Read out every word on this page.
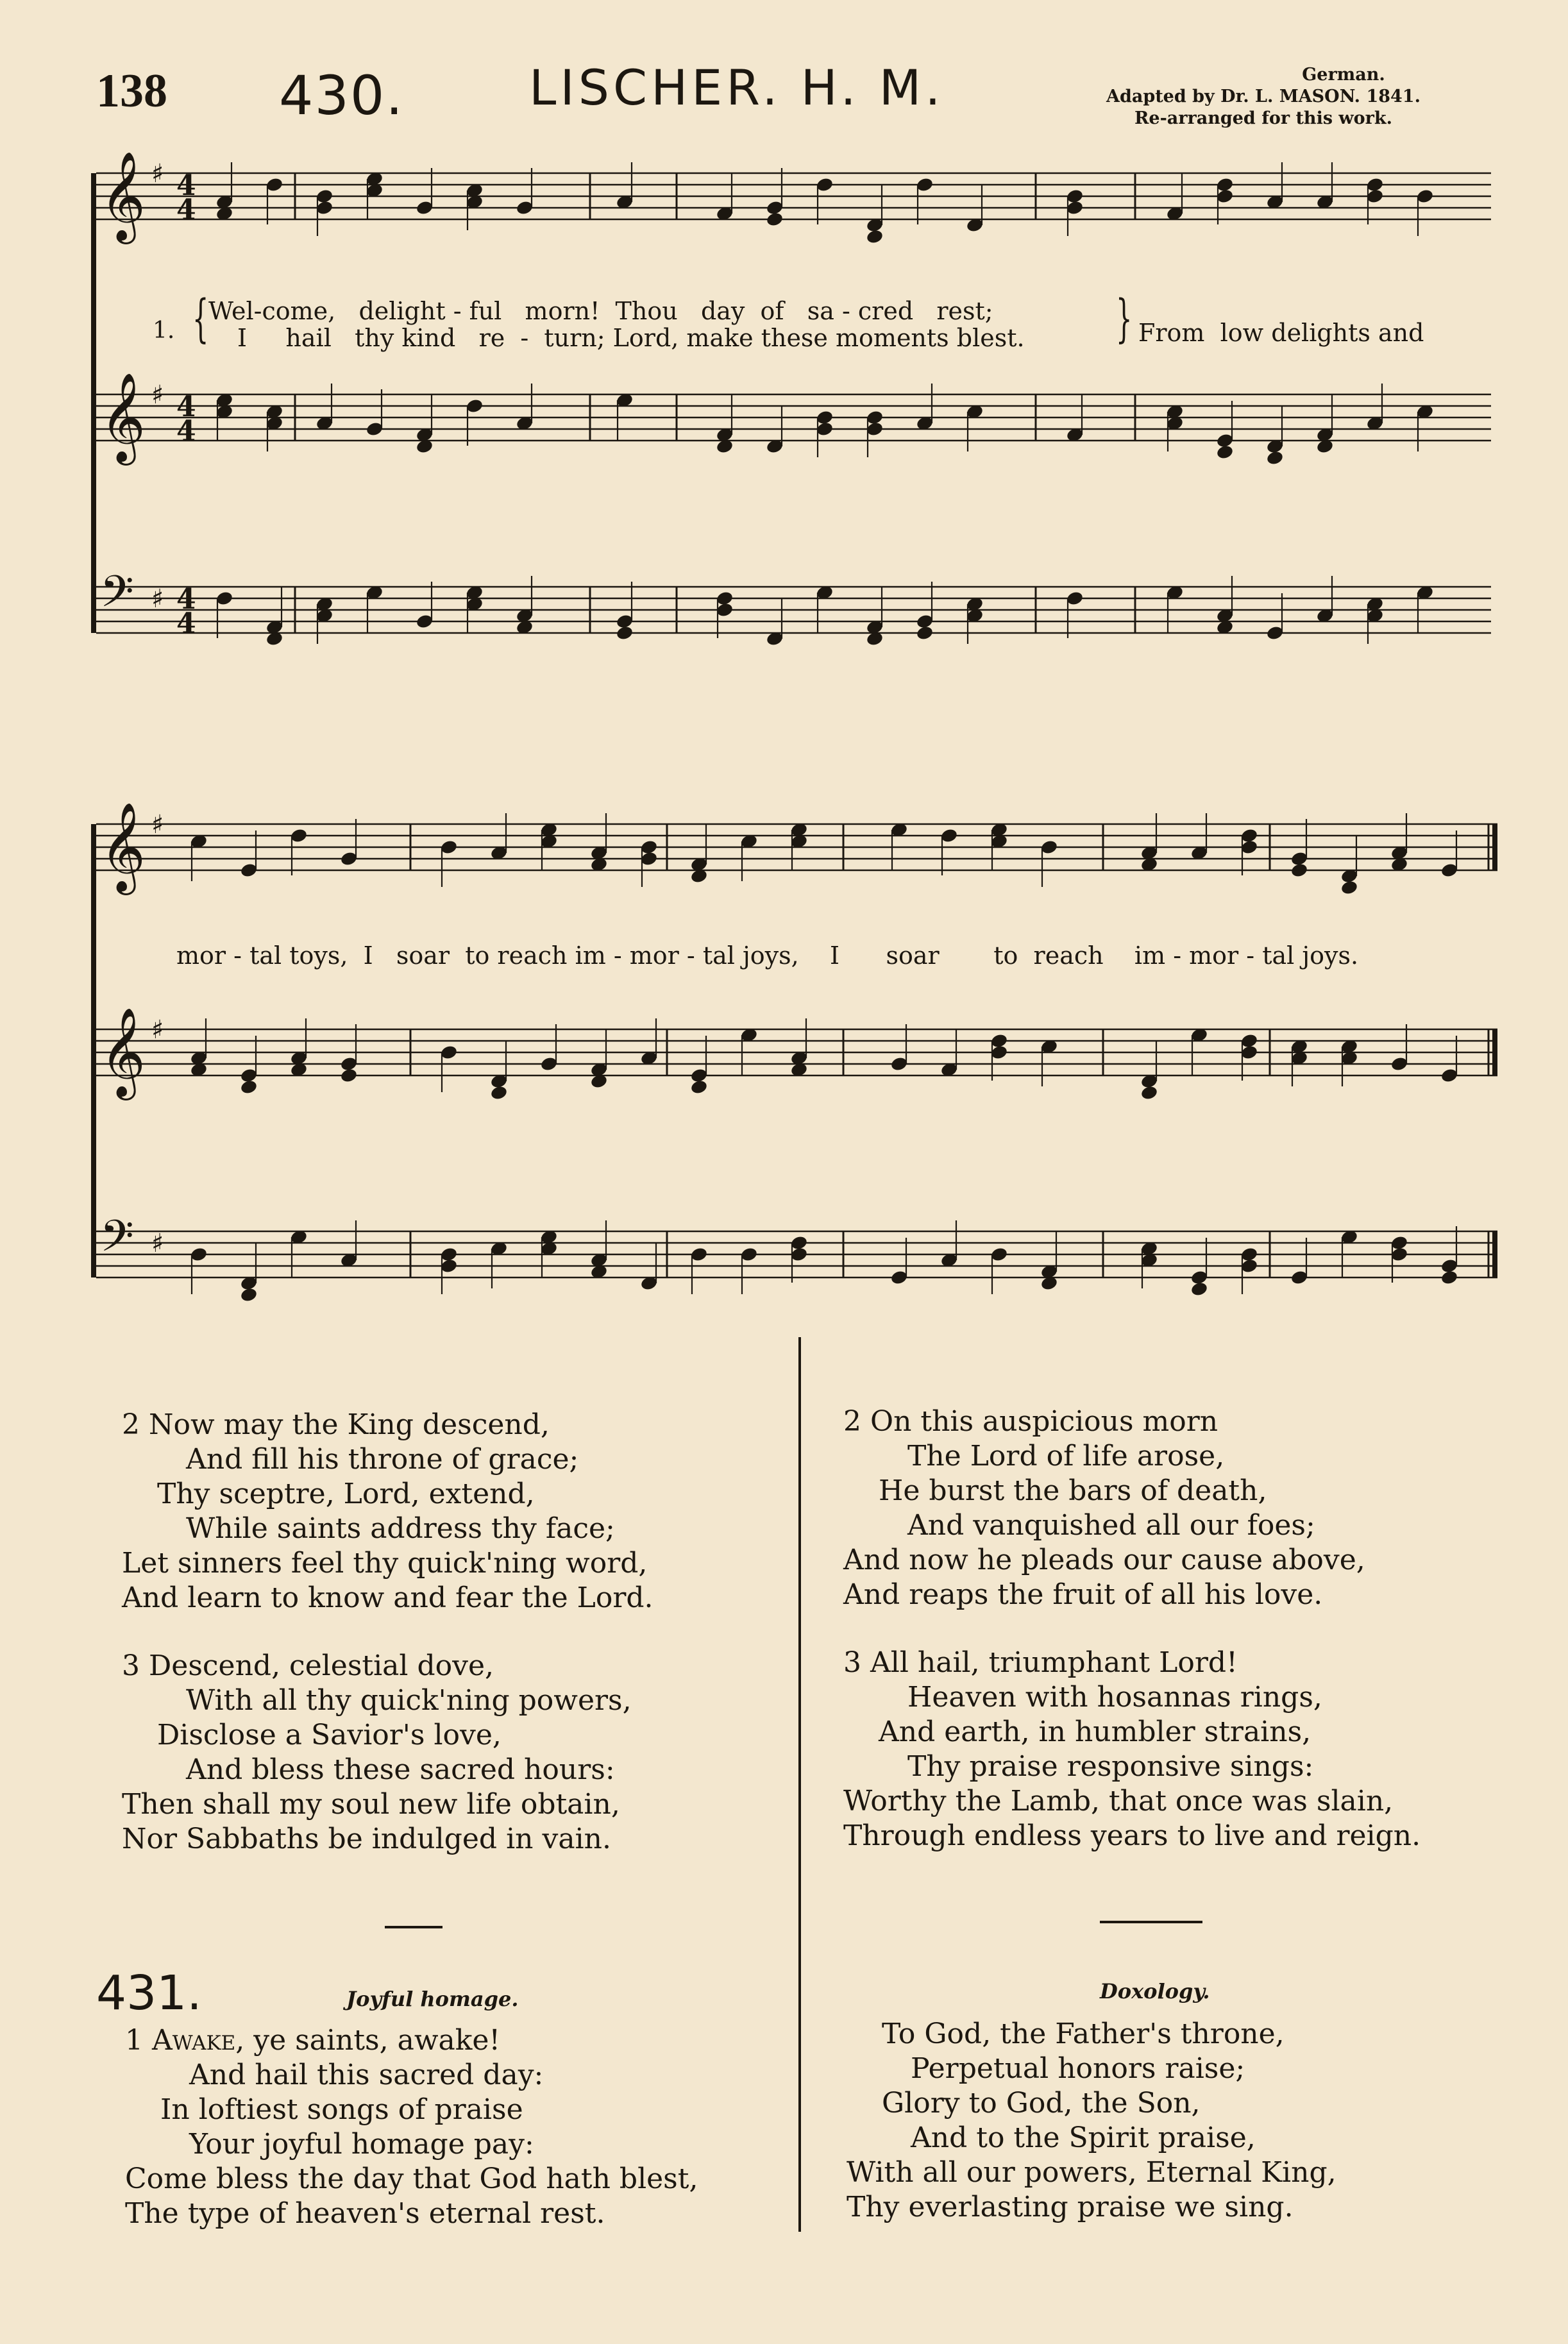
138 430.	LISCHER. H. M.	German.
Adapted by Dr. L. MASON. 1841.
Re-arranged for this work.
𝄞 ♯ 4
4
𝄞 ♯ 4
4
𝄢 ♯ 4
4
𝄞 ♯
𝄞 ♯
𝄢 ♯
1. { Wel-come,   delight - ful   morn!  Thou   day  of   sa - cred   rest;
I     hail   thy kind   re  -  turn; Lord, make these moments blest. } From  low delights and
mor - tal toys,  I   soar  to reach im - mor - tal joys,    I      soar       to  reach    im - mor - tal joys.
2 Now may the King descend,
And fill his throne of grace;
Thy sceptre, Lord, extend,
While saints address thy face;
Let sinners feel thy quick'ning word,
And learn to know and fear the Lord.
3 Descend, celestial dove,
With all thy quick'ning powers,
Disclose a Savior's love,
And bless these sacred hours:
Then shall my soul new life obtain,
Nor Sabbaths be indulged in vain.
2 On this auspicious morn
The Lord of life arose,
He burst the bars of death,
And vanquished all our foes;
And now he pleads our cause above,
And reaps the fruit of all his love.
3 All hail, triumphant Lord!
Heaven with hosannas rings,
And earth, in humbler strains,
Thy praise responsive sings:
Worthy the Lamb, that once was slain,
Through endless years to live and reign.
431.	Joyful homage.
1 Awake, ye saints, awake!
And hail this sacred day:
In loftiest songs of praise
Your joyful homage pay:
Come bless the day that God hath blest,
The type of heaven's eternal rest.
Doxology.
To God, the Father's throne,
Perpetual honors raise;
Glory to God, the Son,
And to the Spirit praise,
With all our powers, Eternal King,
Thy everlasting praise we sing.
